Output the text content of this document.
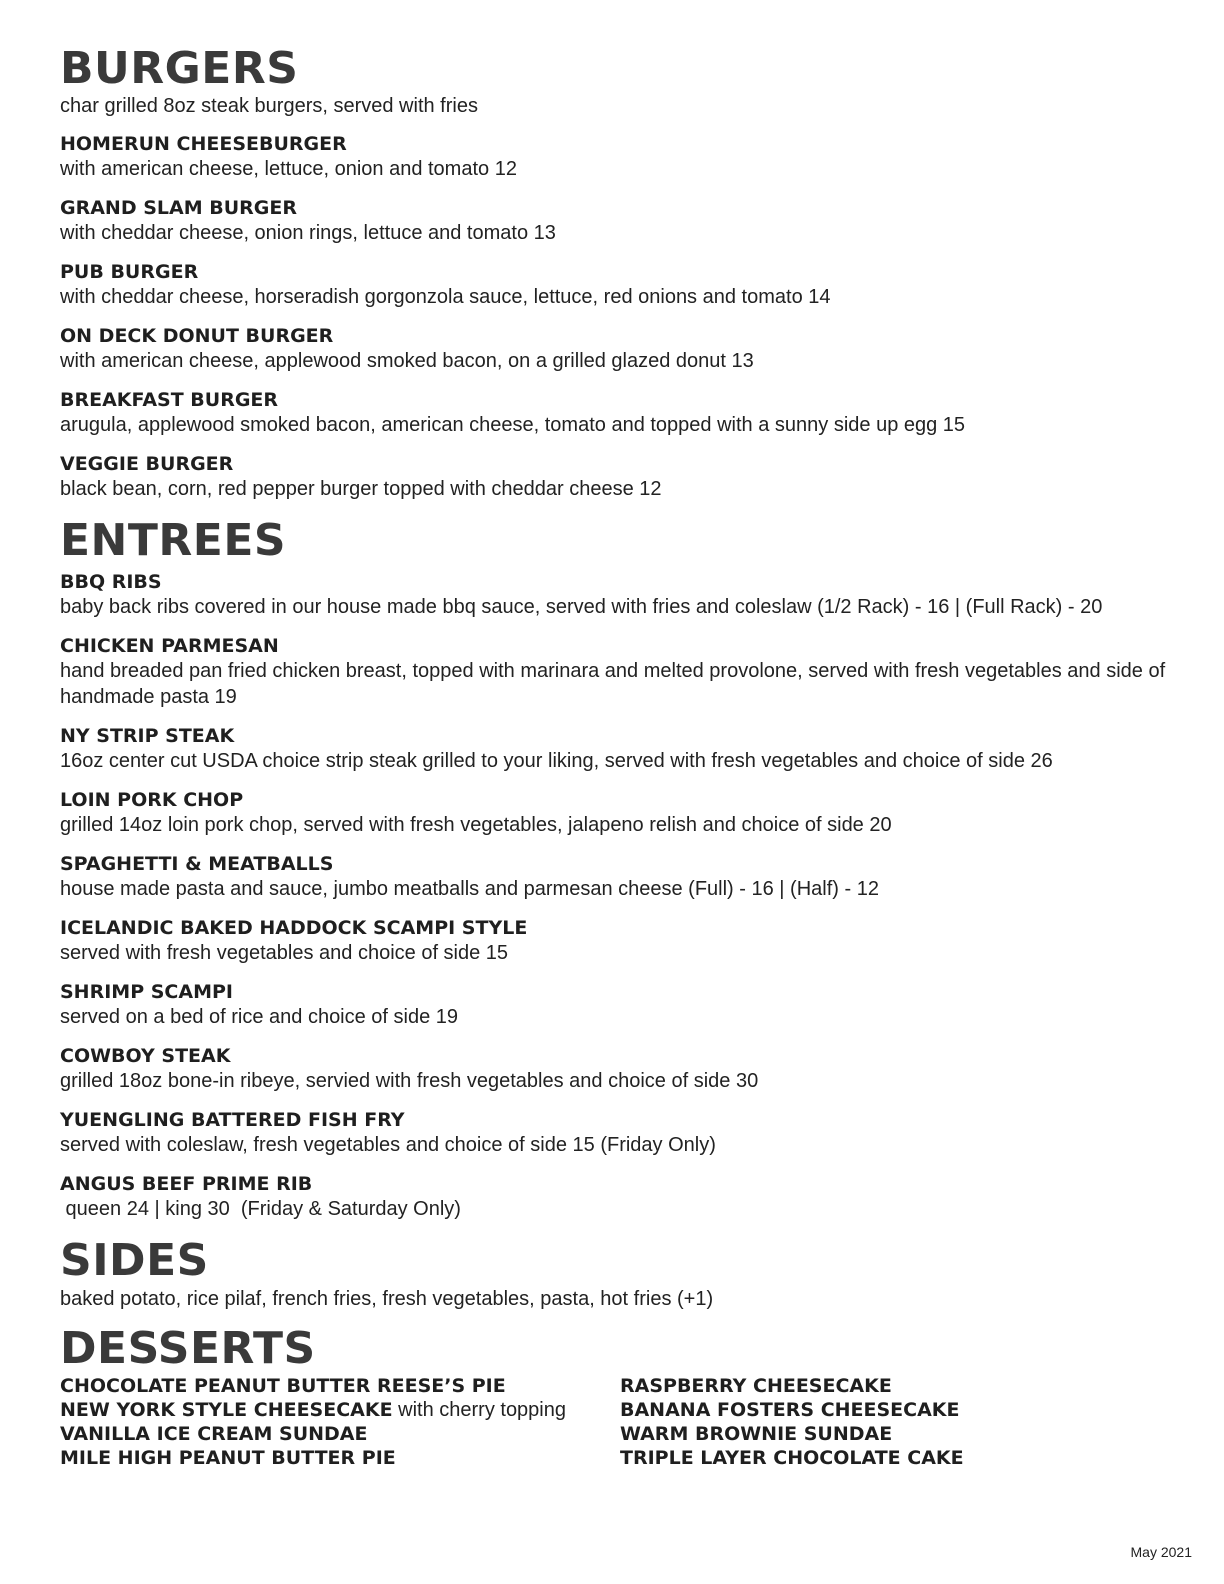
BURGERS

char grilled 8oz steak burgers, served with fries

HOMERUN CHEESEBURGER
with american cheese, lettuce, onion and tomato 12
GRAND SLAM BURGER
with cheddar cheese, onion rings, lettuce and tomato 13
PUB BURGER
with cheddar cheese, horseradish gorgonzola sauce, lettuce, red onions and tomato 14
ON DECK DONUT BURGER
with american cheese, applewood smoked bacon, on a grilled glazed donut 13
BREAKFAST BURGER
arugula, applewood smoked bacon, american cheese, tomato and topped with a sunny side up egg 15
VEGGIE BURGER
black bean, corn, red pepper burger topped with cheddar cheese 12
ENTREES
BBQ RIBS
baby back ribs covered in our house made bbq sauce, served with fries and coleslaw (1/2 Rack) - 16 | (Full Rack) - 20
CHICKEN PARMESAN
hand breaded pan fried chicken breast, topped with marinara and melted provolone, served with fresh vegetables and side of handmade pasta 19
NY STRIP STEAK
16oz center cut USDA choice strip steak grilled to your liking, served with fresh vegetables and choice of side 26
LOIN PORK CHOP
grilled 14oz loin pork chop, served with fresh vegetables, jalapeno relish and choice of side 20
SPAGHETTI & MEATBALLS
house made pasta and sauce, jumbo meatballs and parmesan cheese (Full) - 16 | (Half) - 12
ICELANDIC BAKED HADDOCK SCAMPI STYLE
served with fresh vegetables and choice of side 15
SHRIMP SCAMPI
served on a bed of rice and choice of side 19
COWBOY STEAK
grilled 18oz bone-in ribeye, servied with fresh vegetables and choice of side 30
YUENGLING BATTERED FISH FRY
served with coleslaw, fresh vegetables and choice of side 15 (Friday Only)
ANGUS BEEF PRIME RIB
queen 24 | king 30  (Friday & Saturday Only)
SIDES
baked potato, rice pilaf, french fries, fresh vegetables, pasta, hot fries (+1)
DESSERTS
CHOCOLATE PEANUT BUTTER REESE’S PIE
NEW YORK STYLE CHEESECAKE with cherry topping
VANILLA ICE CREAM SUNDAE
MILE HIGH PEANUT BUTTER PIE
RASPBERRY CHEESECAKE
BANANA FOSTERS CHEESECAKE
WARM BROWNIE SUNDAE
TRIPLE LAYER CHOCOLATE CAKE
May 2021
